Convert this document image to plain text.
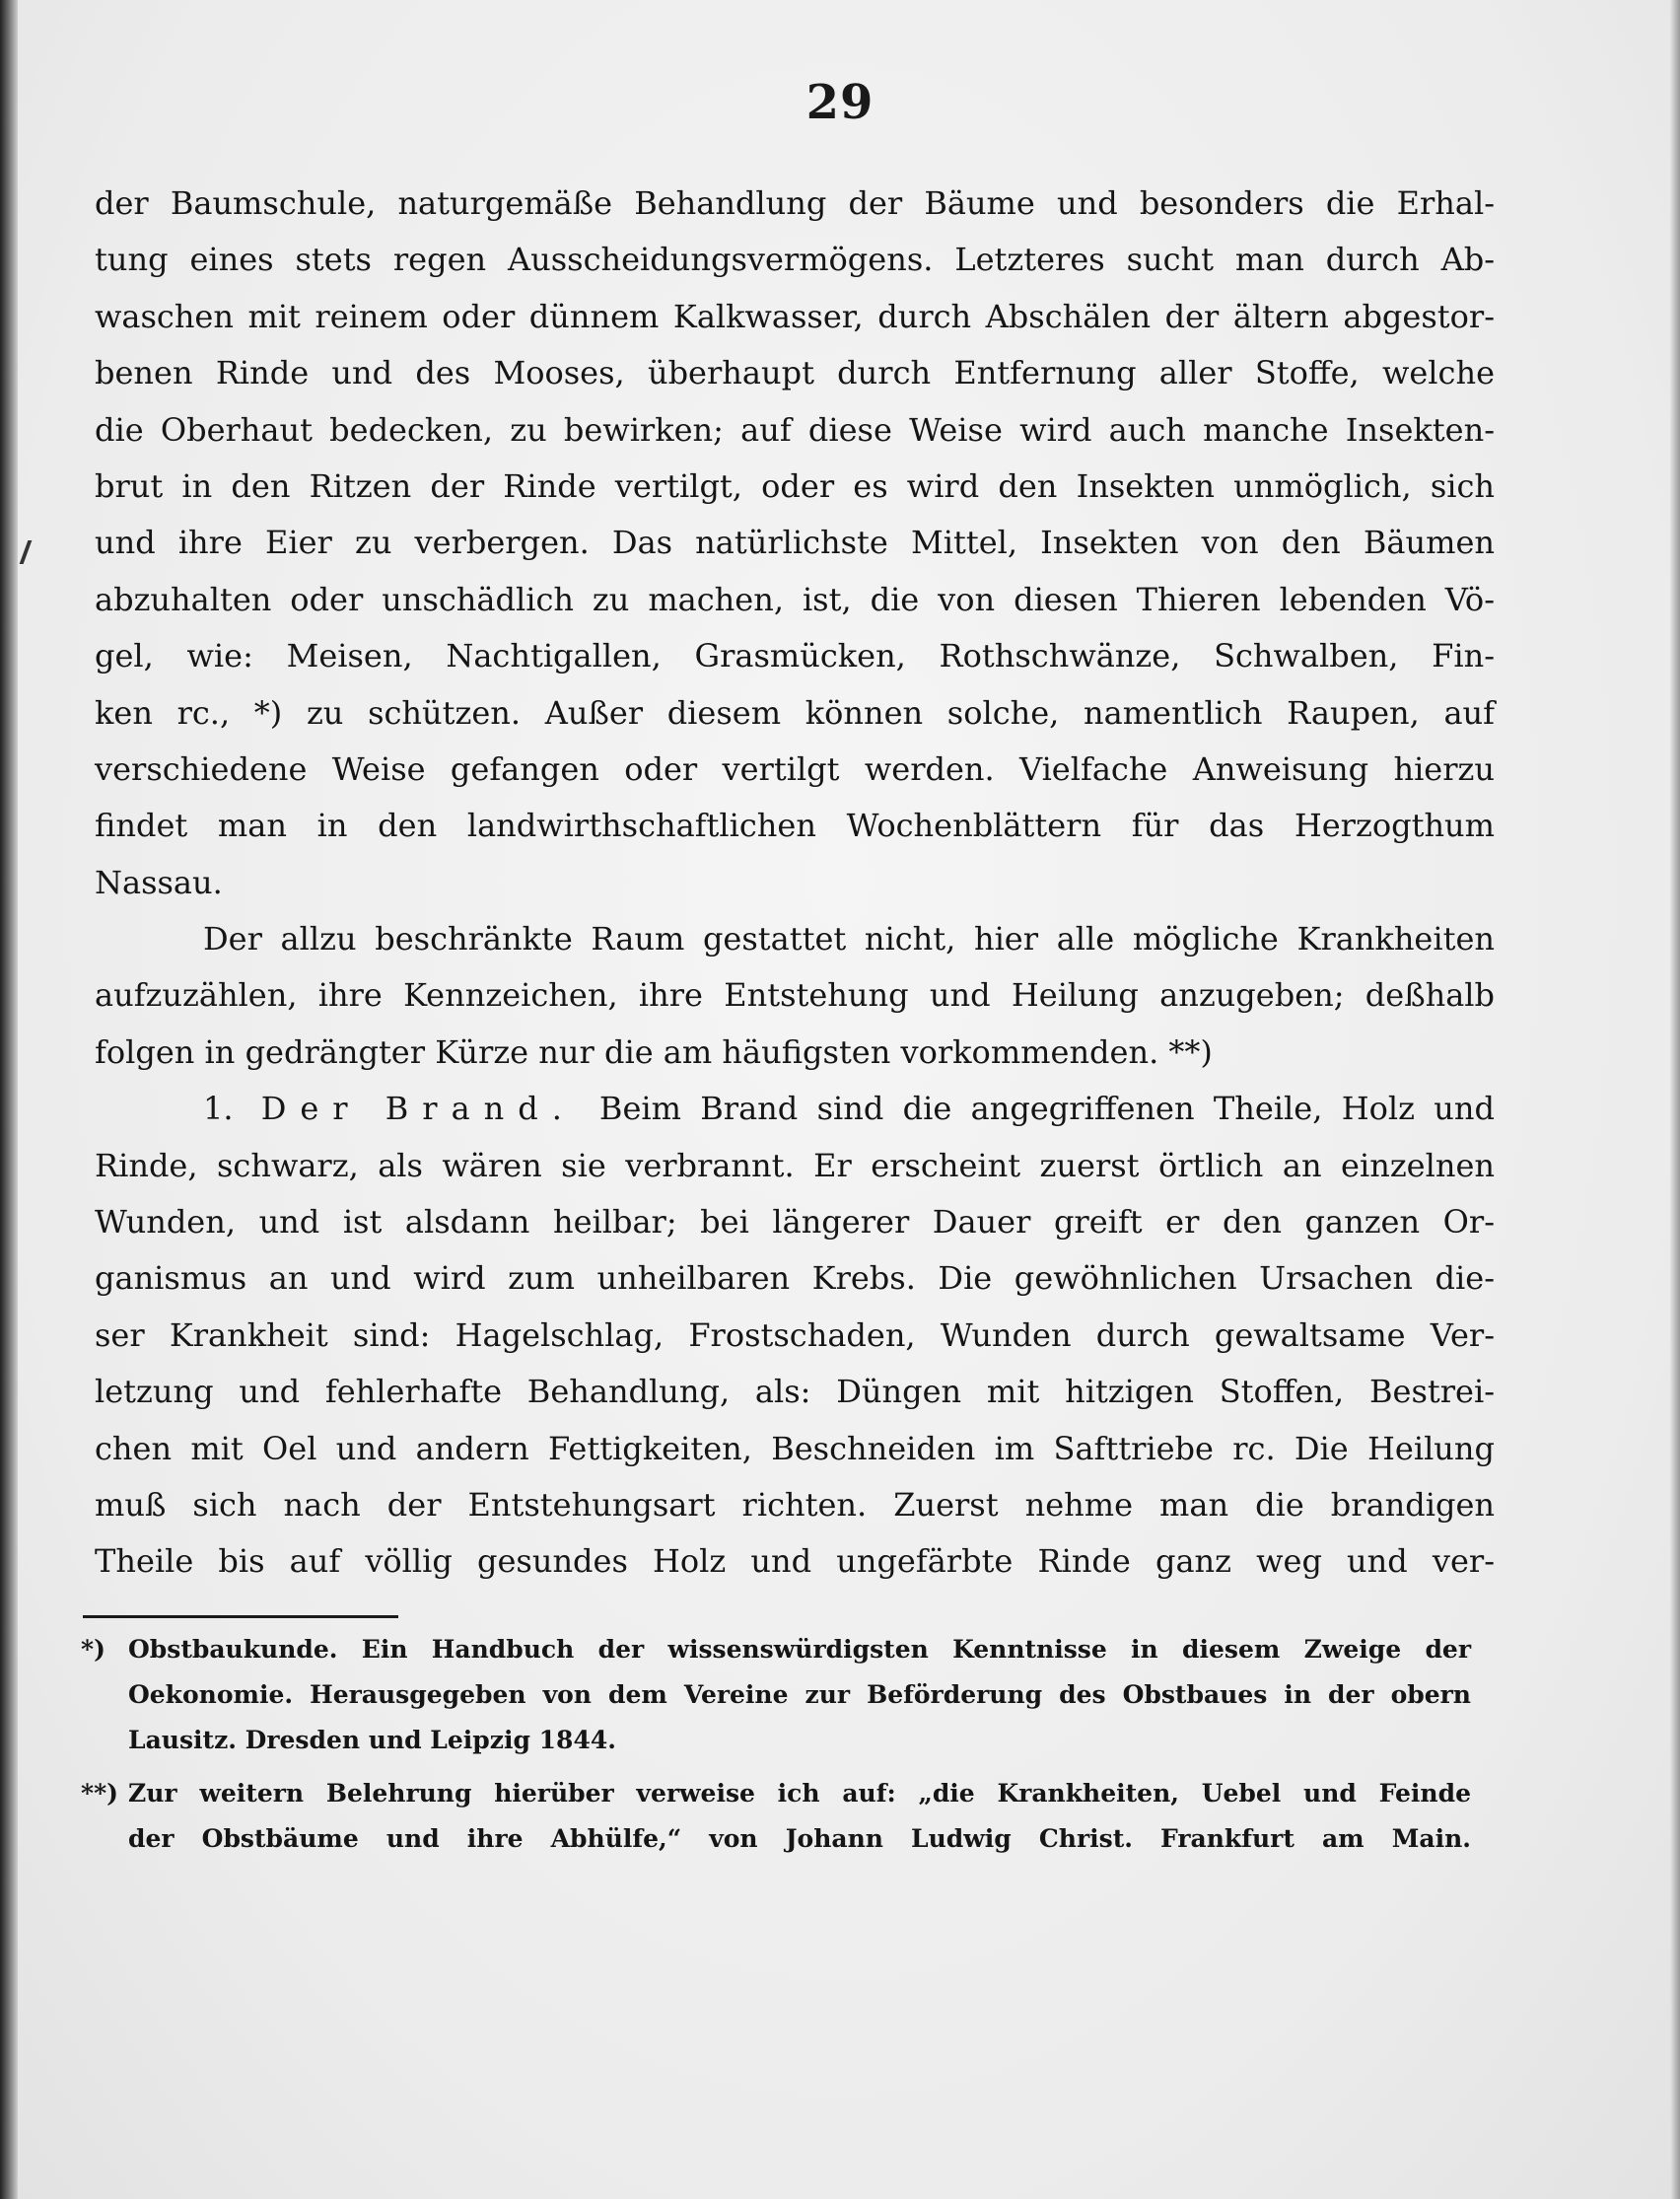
29
der Baumschule, naturgemäße Behandlung der Bäume und besonders die Erhal-
tung eines stets regen Ausscheidungsvermögens. Letzteres sucht man durch Ab-
waschen mit reinem oder dünnem Kalkwasser, durch Abschälen der ältern abgestor-
benen Rinde und des Mooses, überhaupt durch Entfernung aller Stoffe, welche
die Oberhaut bedecken, zu bewirken; auf diese Weise wird auch manche Insekten-
brut in den Ritzen der Rinde vertilgt, oder es wird den Insekten unmöglich, sich
und ihre Eier zu verbergen. Das natürlichste Mittel, Insekten von den Bäumen
abzuhalten oder unschädlich zu machen, ist, die von diesen Thieren lebenden Vö-
gel, wie: Meisen, Nachtigallen, Grasmücken, Rothschwänze, Schwalben, Fin-
ken rc., *) zu schützen. Außer diesem können solche, namentlich Raupen, auf
verschiedene Weise gefangen oder vertilgt werden. Vielfache Anweisung hierzu
findet man in den landwirthschaftlichen Wochenblättern für das Herzogthum
Nassau.
Der allzu beschränkte Raum gestattet nicht, hier alle mögliche Krankheiten
aufzuzählen, ihre Kennzeichen, ihre Entstehung und Heilung anzugeben; deßhalb
folgen in gedrängter Kürze nur die am häufigsten vorkommenden. **)
1. Der Brand. Beim Brand sind die angegriffenen Theile, Holz und
Rinde, schwarz, als wären sie verbrannt. Er erscheint zuerst örtlich an einzelnen
Wunden, und ist alsdann heilbar; bei längerer Dauer greift er den ganzen Or-
ganismus an und wird zum unheilbaren Krebs. Die gewöhnlichen Ursachen die-
ser Krankheit sind: Hagelschlag, Frostschaden, Wunden durch gewaltsame Ver-
letzung und fehlerhafte Behandlung, als: Düngen mit hitzigen Stoffen, Bestrei-
chen mit Oel und andern Fettigkeiten, Beschneiden im Safttriebe rc. Die Heilung
muß sich nach der Entstehungsart richten. Zuerst nehme man die brandigen
Theile bis auf völlig gesundes Holz und ungefärbte Rinde ganz weg und ver-
*) Obstbaukunde. Ein Handbuch der wissenswürdigsten Kenntnisse in diesem Zweige der
Oekonomie. Herausgegeben von dem Vereine zur Beförderung des Obstbaues in der obern
Lausitz. Dresden und Leipzig 1844.
**) Zur weitern Belehrung hierüber verweise ich auf: „die Krankheiten, Uebel und Feinde
der Obstbäume und ihre Abhülfe,“ von Johann Ludwig Christ. Frankfurt am Main.
